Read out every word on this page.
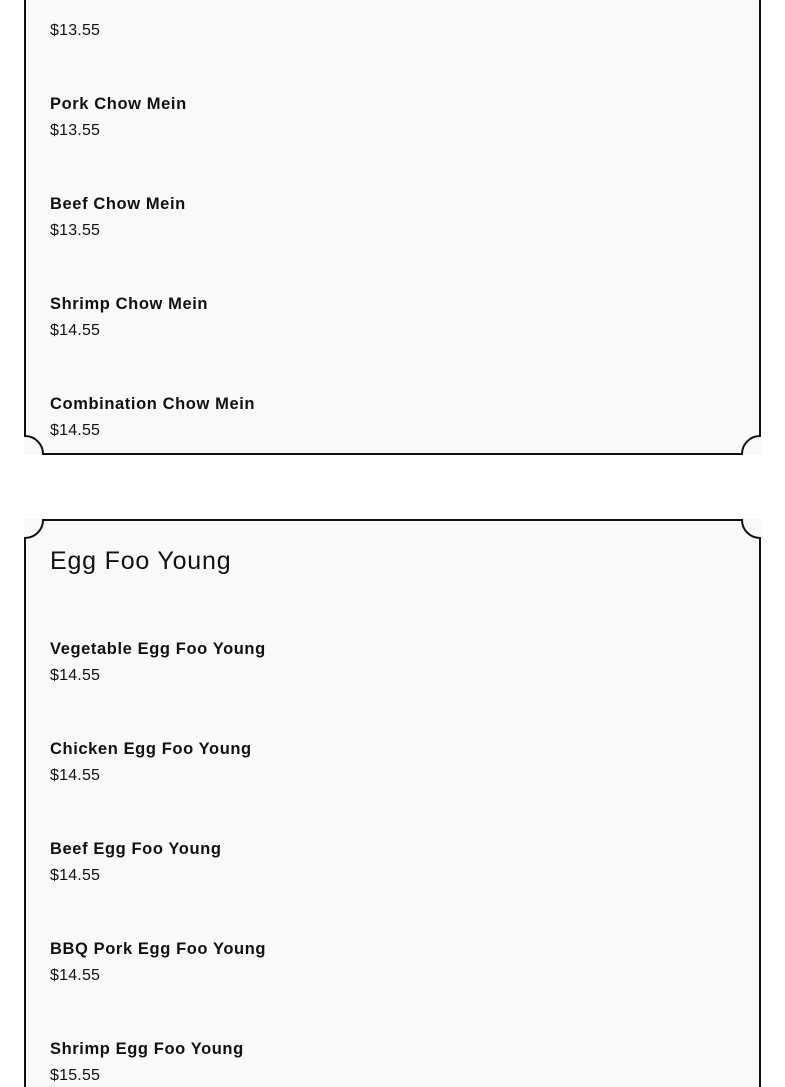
$13.55
Pork Chow Mein
$13.55
Beef Chow Mein
$13.55
Shrimp Chow Mein
$14.55
Combination Chow Mein
$14.55
Egg Foo Young
Vegetable Egg Foo Young
$14.55
Chicken Egg Foo Young
$14.55
Beef Egg Foo Young
$14.55
BBQ Pork Egg Foo Young
$14.55
Shrimp Egg Foo Young
$15.55
